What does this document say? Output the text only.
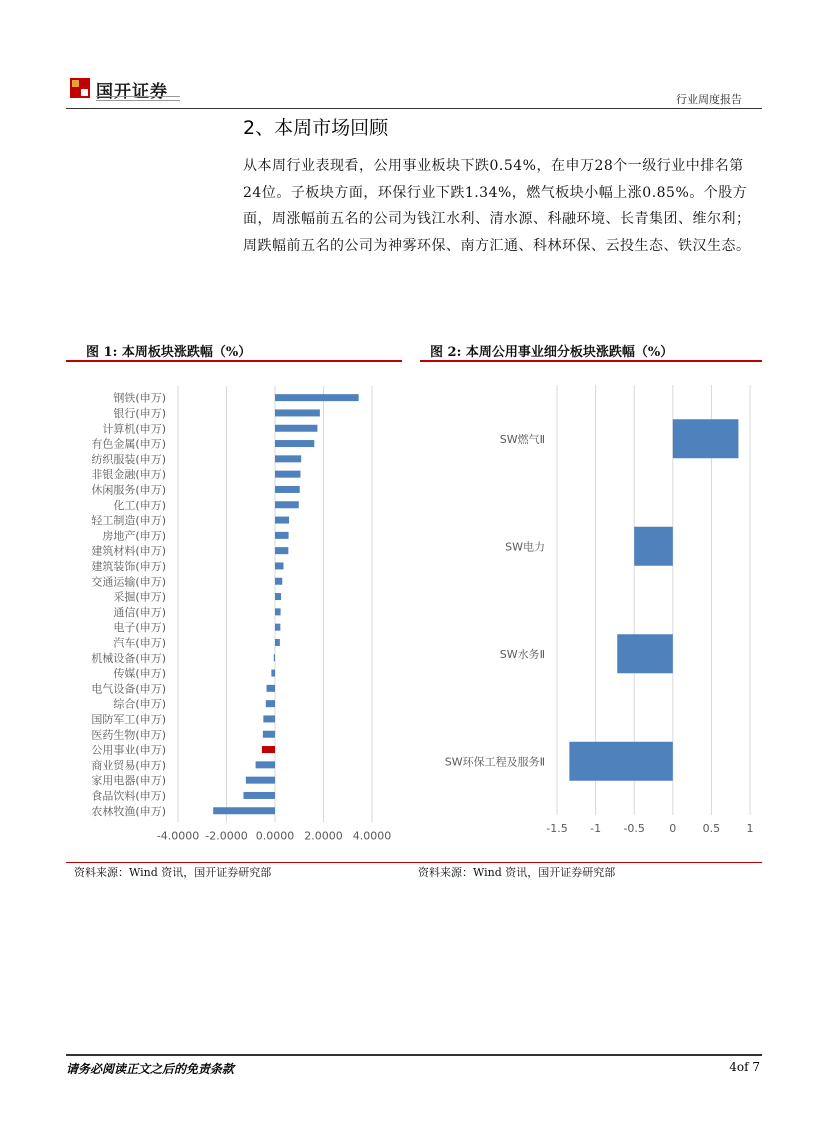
国开证券	行业周度报告
2、本周市场回顾
从本周行业表现看，公用事业板块下跌0.54%，在申万28个一级行业中排名第24位。子板块方面，环保行业下跌1.34%，燃气板块小幅上涨0.85%。个股方面，周涨幅前五名的公司为钱江水利、清水源、科融环境、长青集团、维尔利；周跌幅前五名的公司为神雾环保、南方汇通、科林环保、云投生态、铁汉生态。
图 1: 本周板块涨跌幅（%）	图 2: 本周公用事业细分板块涨跌幅（%）
钢铁(申万)
银行(申万)
计算机(申万)
有色金属(申万)
纺织服装(申万)
非银金融(申万)
休闲服务(申万)
化工(申万)
轻工制造(申万)
房地产(申万)
建筑材料(申万)
建筑装饰(申万)
交通运输(申万)
采掘(申万)
通信(申万)
电子(申万)
汽车(申万)
机械设备(申万)
传媒(申万)
电气设备(申万)
综合(申万)
国防军工(申万)
医药生物(申万)
公用事业(申万)
商业贸易(申万)
家用电器(申万)
食品饮料(申万)
农林牧渔(申万)
-4.0000 -2.0000 0.0000 2.0000 4.0000
SW燃气Ⅱ
SW电力
SW水务Ⅱ
SW环保工程及服务Ⅱ
-1.5 -1 -0.5 0 0.5 1
资料来源：Wind 资讯，国开证券研究部	资料来源：Wind 资讯，国开证券研究部
请务必阅读正文之后的免责条款	4of 7
